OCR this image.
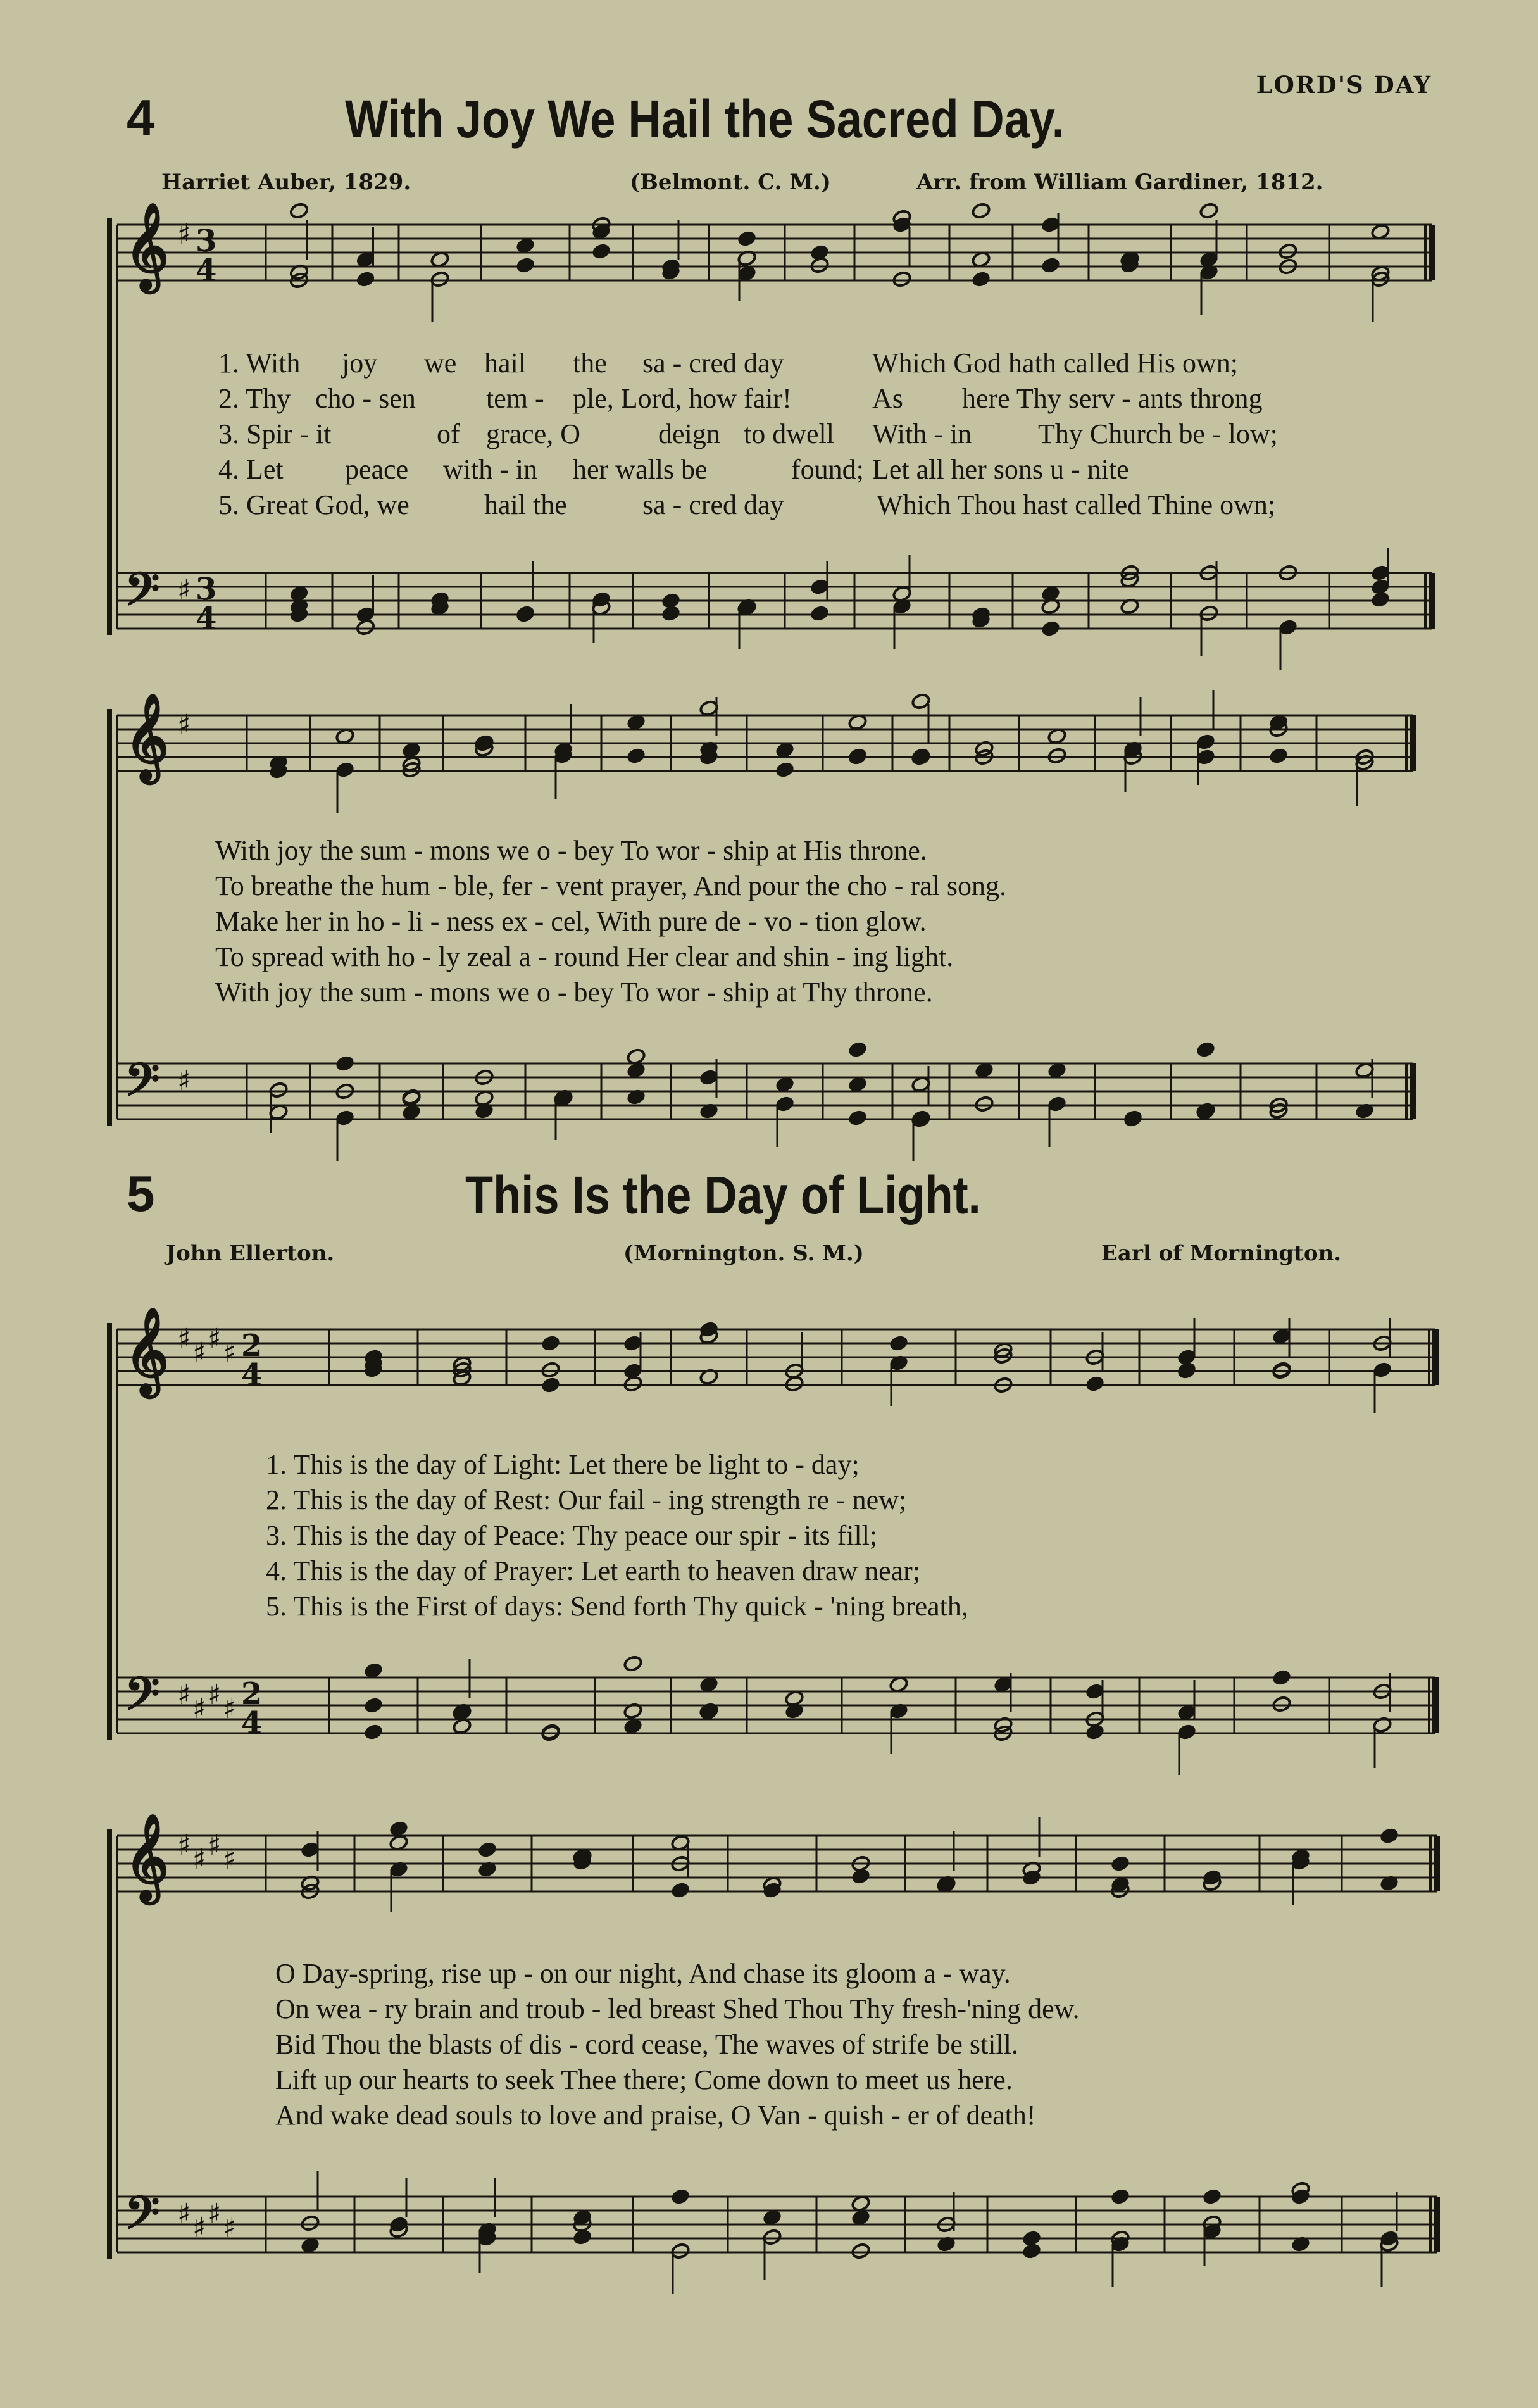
LORD'S DAY
4	With Joy We Hail the Sacred Day.
Harriet Auber, 1829.	(Belmont. C. M.)	Arr. from William Gardiner, 1812.
5	This Is the Day of Light.
John Ellerton.	(Mornington. S. M.)	Earl of Mornington.
1. With joy we hail the sa - cred day	Which God hath called His own;
2. Thy cho - sen	tem - ple, Lord, how fair!	As here Thy serv - ants throng
3. Spir - it	of grace, O	deign to dwell With - in Thy Church be - low;
4. Let peace with - in her walls be	found; Let all her sons u - nite
5. Great God, we	hail the	sa - cred day	Which Thou hast called Thine own;
With joy the sum - mons we o - bey To wor - ship at His throne.
To breathe the hum - ble, fer - vent prayer, And pour the cho - ral song.
Make her in ho - li - ness ex - cel, With pure de - vo - tion glow.
To spread with ho - ly zeal a - round Her clear and shin - ing light.
With joy the sum - mons we o - bey To wor - ship at Thy throne.
1. This is the day of Light: Let there be light to - day;
2. This is the day of Rest: Our fail - ing strength re - new;
3. This is the day of Peace: Thy peace our spir - its fill;
4. This is the day of Prayer: Let earth to heaven draw near;
5. This is the First of days: Send forth Thy quick - 'ning breath,
O Day-spring, rise up - on our night, And chase its gloom a - way.
On wea - ry brain and troub - led breast Shed Thou Thy fresh-'ning dew.
Bid Thou the blasts of dis - cord cease, The waves of strife be still.
Lift up our hearts to seek Thee there; Come down to meet us here.
And wake dead souls to love and praise, O Van - quish - er of death!
𝄞
𝄢
♯
♯
3
4
3
4
𝄞
𝄢
♯
♯
𝄞
𝄢
♯
♯
♯
♯
♯
♯
♯
♯
2
4
2
4
𝄞
𝄢
♯
♯
♯
♯
♯
♯
♯
♯
